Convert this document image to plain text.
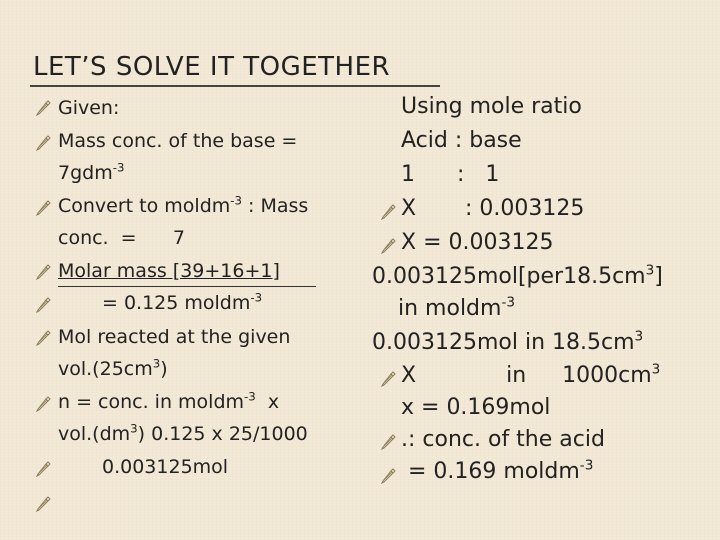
LET’S SOLVE IT TOGETHER
Given:
Mass conc. of the base =
7gdm$^{-3}$
Convert to moldm$^{-3}$ : Mass
conc.  =      7
Molar mass [39+16+1]
= 0.125 moldm$^{-3}$
Mol reacted at the given
$vol.(25cm^3)$
n = conc. in moldm$^{-3}$  x
$vol.(dm^3)$ 0.125 x 25/1000
0.003125mol
Using mole ratio
Acid : base
1      :   1
X       : 0.003125
X = 0.003125
$0.003125mol[per18.5cm^3]$
in moldm$^{-3}$
0.003125mol in $18.5cm^3$
X	in $1000cm^3$
x = 0.169mol
.: conc. of the acid
= 0.169 moldm$^{-3}$
